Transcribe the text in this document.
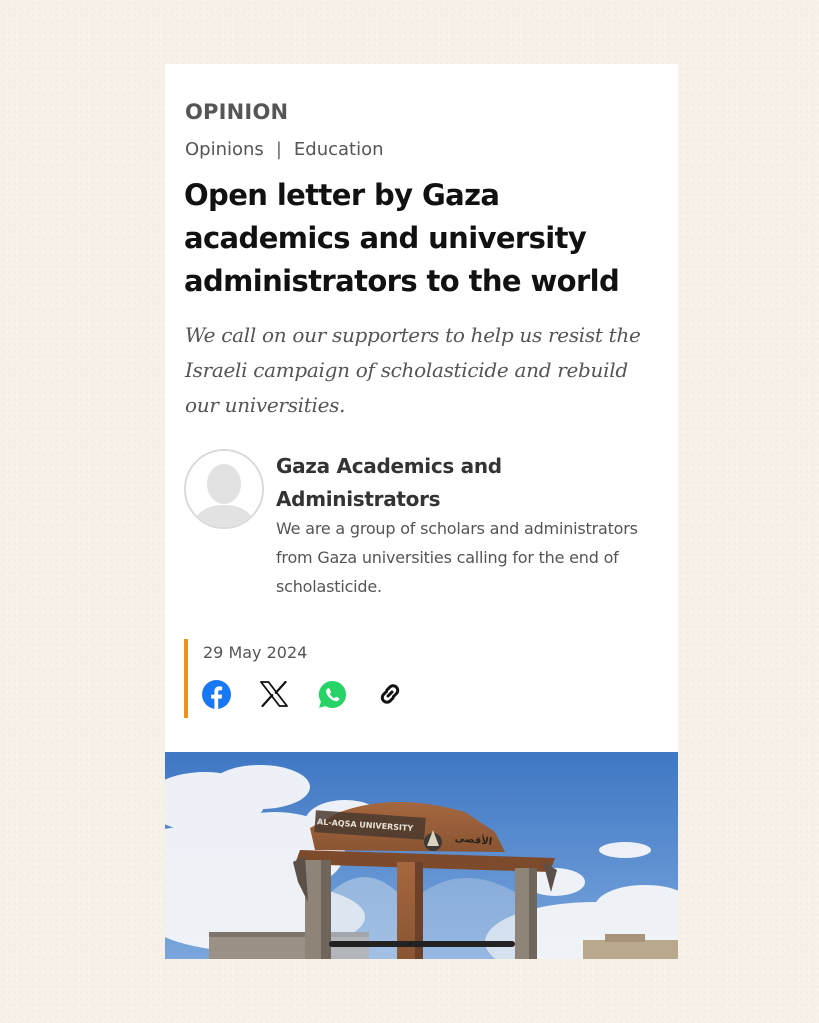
OPINION
Opinions | Education
Open letter by Gaza academics and university administrators to the world

We call on our supporters to help us resist the Israeli campaign of scholasticide and rebuild our universities.

Gaza Academics and Administrators

We are a group of scholars and administrators from Gaza universities calling for the end of scholasticide.

29 May 2024
AL-AQSA UNIVERSITY
الأقصى
